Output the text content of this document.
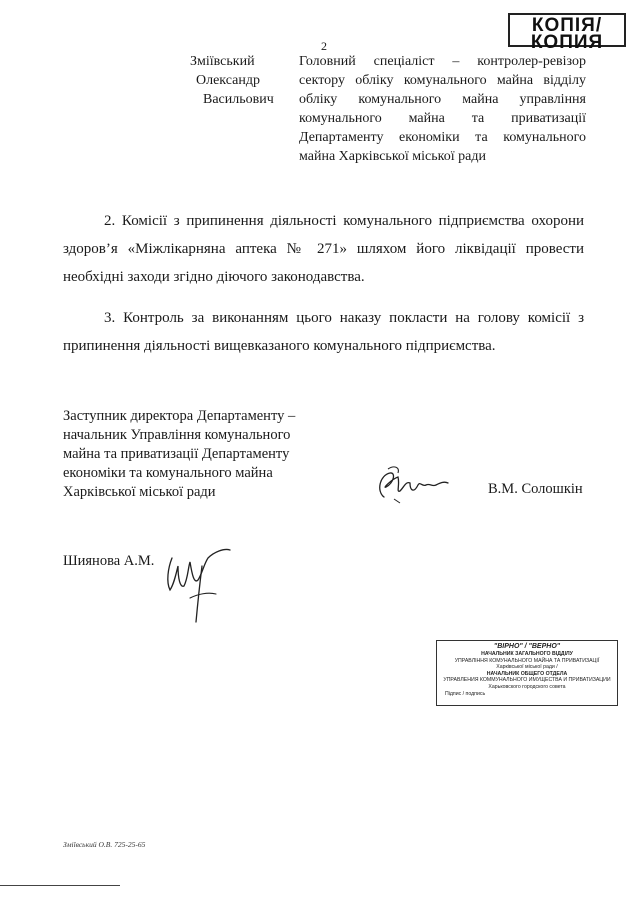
КОПІЯ/
КОПИЯ
2
Зміївський
Олександр
Васильович
Головний спеціаліст – контролер-ревізор
сектору обліку комунального майна відділу
обліку комунального майна управління
комунального майна та приватизації
Департаменту економіки та комунального
майна Харківської міської ради
2. Комісії з припинення діяльності комунального підприємства охорони
здоров’я «Міжлікарняна аптека № 271» шляхом його ліквідації провести
необхідні заходи згідно діючого законодавства.
3. Контроль за виконанням цього наказу покласти на голову комісії з
припинення діяльності вищевказаного комунального підприємства.
Заступник директора Департаменту –
начальник Управління комунального
майна та приватизації Департаменту
економіки та комунального майна
Харківської міської ради	В.М. Солошкін
Шиянова А.М.
"ВІРНО" / "ВЕРНО"
НАЧАЛЬНИК ЗАГАЛЬНОГО ВІДДІЛУ
УПРАВЛІННЯ КОМУНАЛЬНОГО МАЙНА ТА ПРИВАТИЗАЦІЇ
Харківської міської ради /
НАЧАЛЬНИК ОБЩЕГО ОТДЕЛА
УПРАВЛЕНИЯ КОММУНАЛЬНОГО ИМУЩЕСТВА И ПРИВАТИЗАЦИИ
Харьковского городского совета
Підпис / подпись
Зміївський О.В. 725-25-65
